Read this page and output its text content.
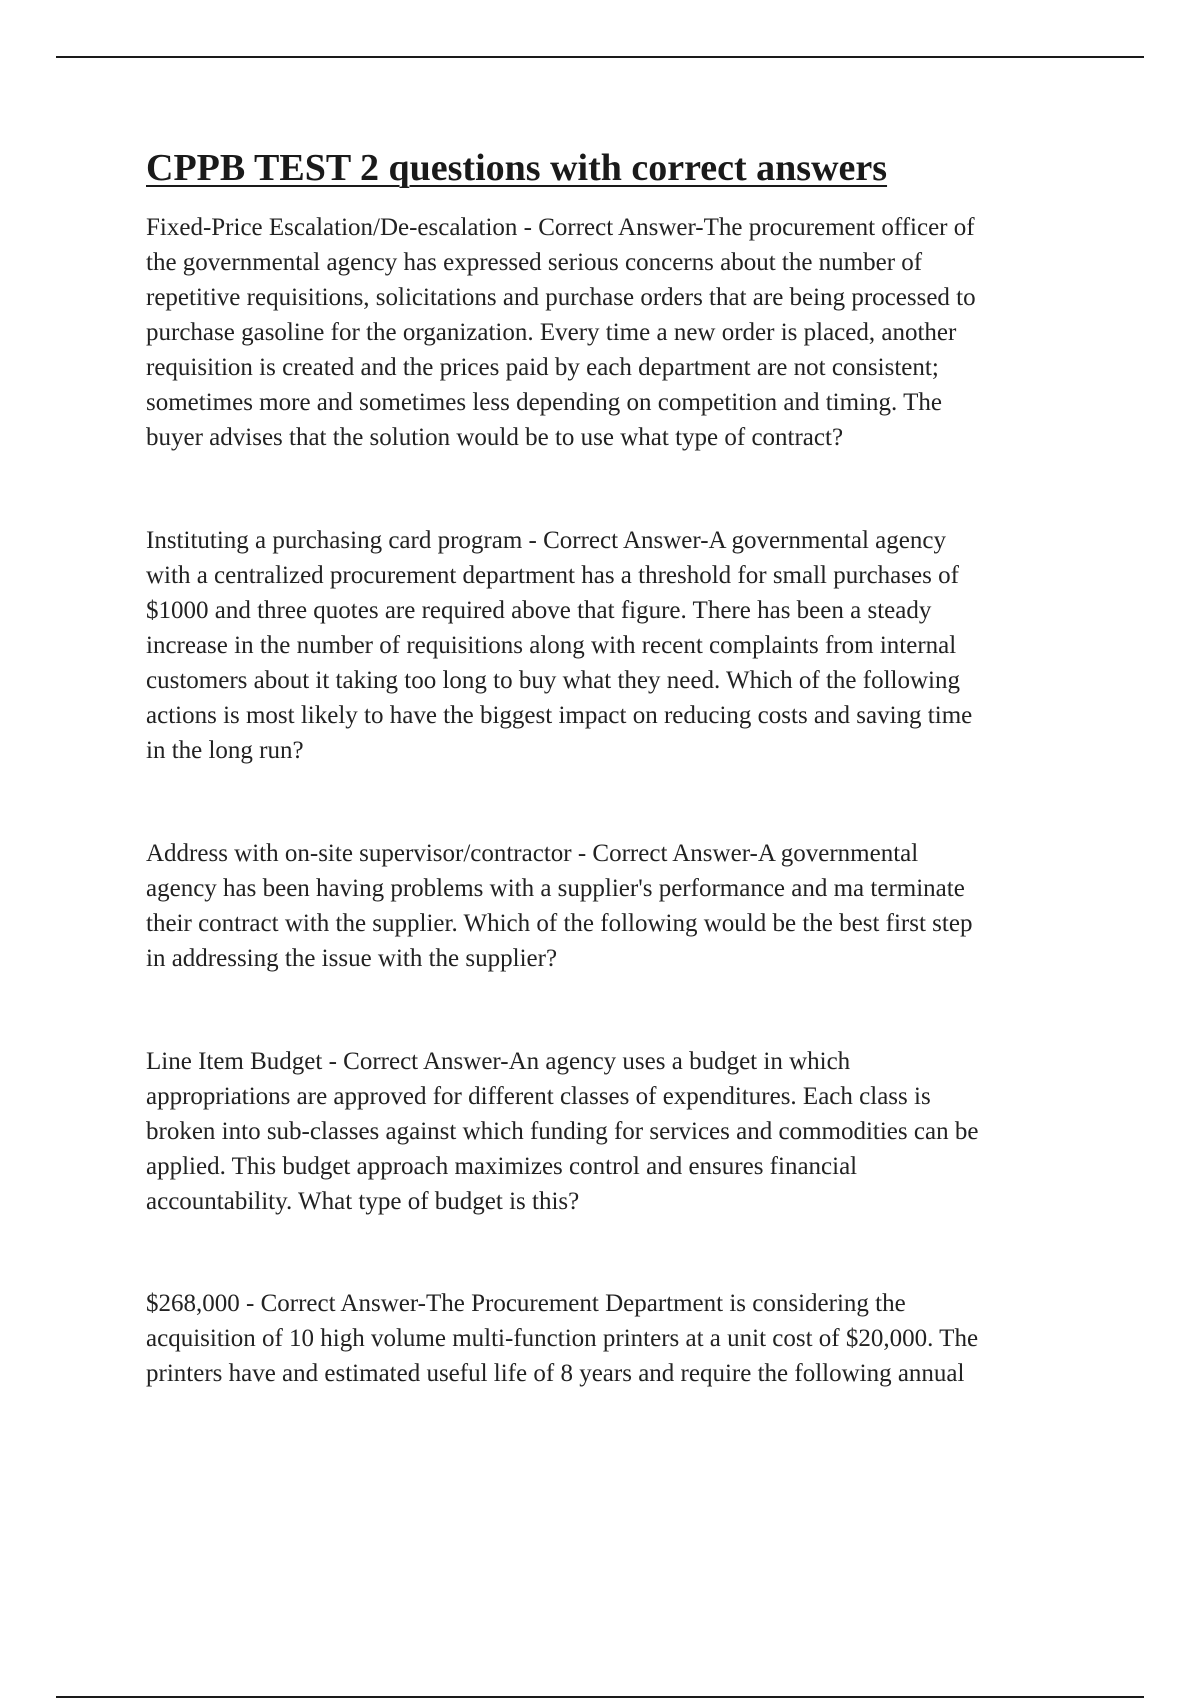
CPPB TEST 2 questions with correct answers

Fixed-Price Escalation/De-escalation - Correct Answer-The procurement officer of
the governmental agency has expressed serious concerns about the number of
repetitive requisitions, solicitations and purchase orders that are being processed to
purchase gasoline for the organization. Every time a new order is placed, another
requisition is created and the prices paid by each department are not consistent;
sometimes more and sometimes less depending on competition and timing. The
buyer advises that the solution would be to use what type of contract?

Instituting a purchasing card program - Correct Answer-A governmental agency
with a centralized procurement department has a threshold for small purchases of
$1000 and three quotes are required above that figure. There has been a steady
increase in the number of requisitions along with recent complaints from internal
customers about it taking too long to buy what they need. Which of the following
actions is most likely to have the biggest impact on reducing costs and saving time
in the long run?

Address with on-site supervisor/contractor - Correct Answer-A governmental
agency has been having problems with a supplier's performance and ma terminate
their contract with the supplier. Which of the following would be the best first step
in addressing the issue with the supplier?

Line Item Budget - Correct Answer-An agency uses a budget in which
appropriations are approved for different classes of expenditures. Each class is
broken into sub-classes against which funding for services and commodities can be
applied. This budget approach maximizes control and ensures financial
accountability. What type of budget is this?

$268,000 - Correct Answer-The Procurement Department is considering the
acquisition of 10 high volume multi-function printers at a unit cost of $20,000. The
printers have and estimated useful life of 8 years and require the following annual
